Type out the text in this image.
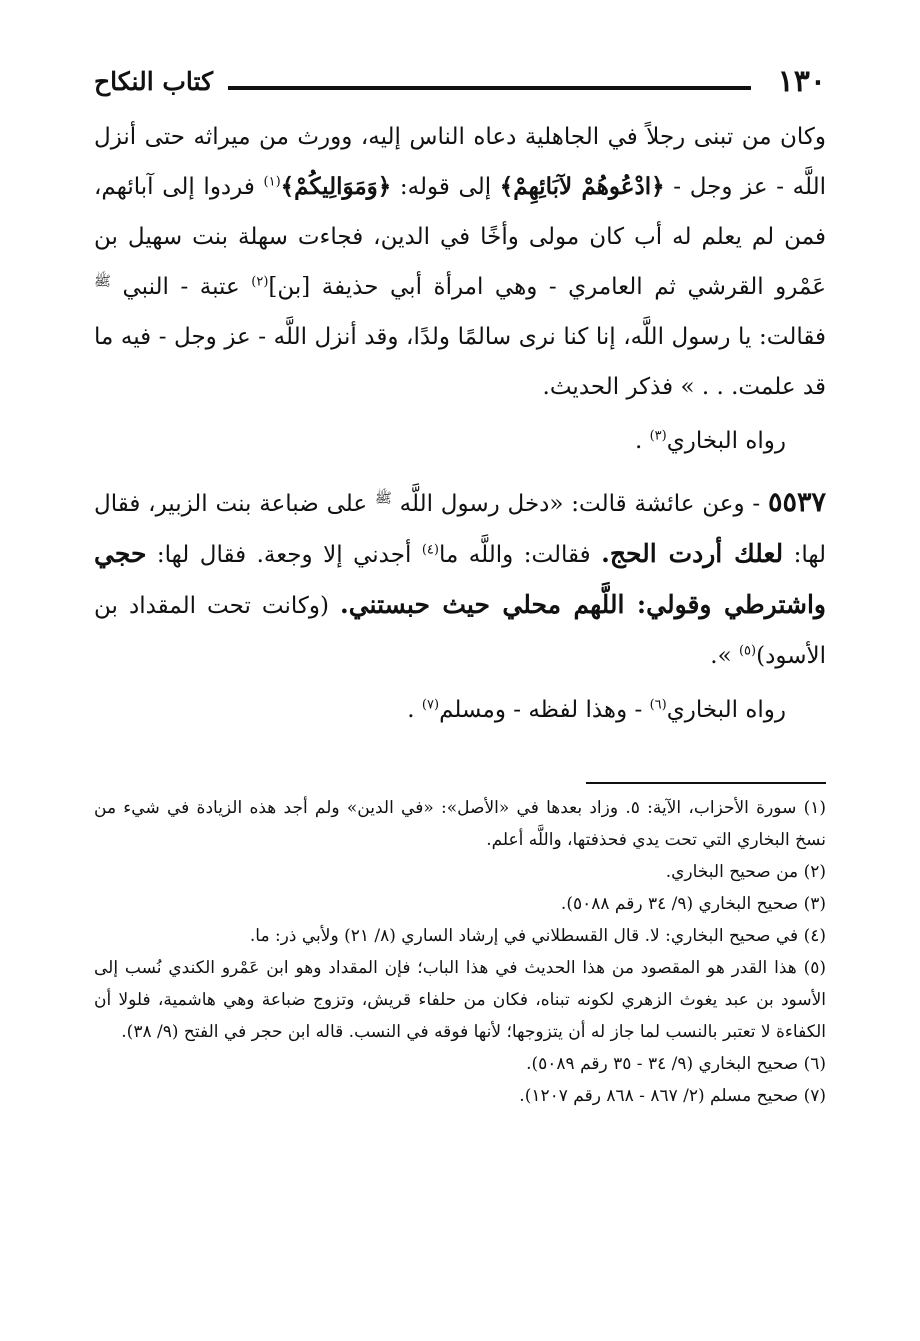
١٣٠
كتاب النكاح

وكان من تبنى رجلاً في الجاهلية دعاه الناس إليه، وورث من ميراثه حتى أنزل اللَّه - عز وجل - ﴿ادْعُوهُمْ لآبَائِهِمْ﴾ إلى قوله: ﴿وَمَوَالِيكُمْ﴾$^{(١)}$ فردوا إلى آبائهم، فمن لم يعلم له أب كان مولى وأخًا في الدين، فجاءت سهلة بنت سهيل بن عَمْرو القرشي ثم العامري - وهي امرأة أبي حذيفة [بن]$^{(٢)}$ عتبة - النبي $^ﷺ$ فقالت: يا رسول اللَّه، إنا كنا نرى سالمًا ولدًا، وقد أنزل اللَّه - عز وجل - فيه ما قد علمت. . . » فذكر الحديث.

رواه البخاري$^{(٣)}$ .

٥٥٣٧ - وعن عائشة قالت: «دخل رسول اللَّه $^ﷺ$ على ضباعة بنت الزبير، فقال لها: لعلك أردت الحج. فقالت: واللَّه ما$^{(٤)}$ أجدني إلا وجعة. فقال لها: حجي واشترطي وقولي: اللَّهم محلي حيث حبستني. (وكانت تحت المقداد بن الأسود)$^{(٥)}$ ».

رواه البخاري$^{(٦)}$ - وهذا لفظه - ومسلم$^{(٧)}$ .

(١) سورة الأحزاب، الآية: ٥. وزاد بعدها في «الأصل»: «في الدين» ولم أجد هذه الزيادة في شيء من نسخ البخاري التي تحت يدي فحذفتها، واللَّه أعلم.

(٢) من صحيح البخاري.

(٣) صحيح البخاري (٩/ ٣٤ رقم ٥٠٨٨).

(٤) في صحيح البخاري: لا. قال القسطلاني في إرشاد الساري (٨/ ٢١) ولأبي ذر: ما.

(٥) هذا القدر هو المقصود من هذا الحديث في هذا الباب؛ فإن المقداد وهو ابن عَمْرو الكندي نُسب إلى الأسود بن عبد يغوث الزهري لكونه تبناه، فكان من حلفاء قريش، وتزوج ضباعة وهي هاشمية، فلولا أن الكفاءة لا تعتبر بالنسب لما جاز له أن يتزوجها؛ لأنها فوقه في النسب. قاله ابن حجر في الفتح (٩/ ٣٨).

(٦) صحيح البخاري (٩/ ٣٤ - ٣٥ رقم ٥٠٨٩).

(٧) صحيح مسلم (٢/ ٨٦٧ - ٨٦٨ رقم ١٢٠٧).
